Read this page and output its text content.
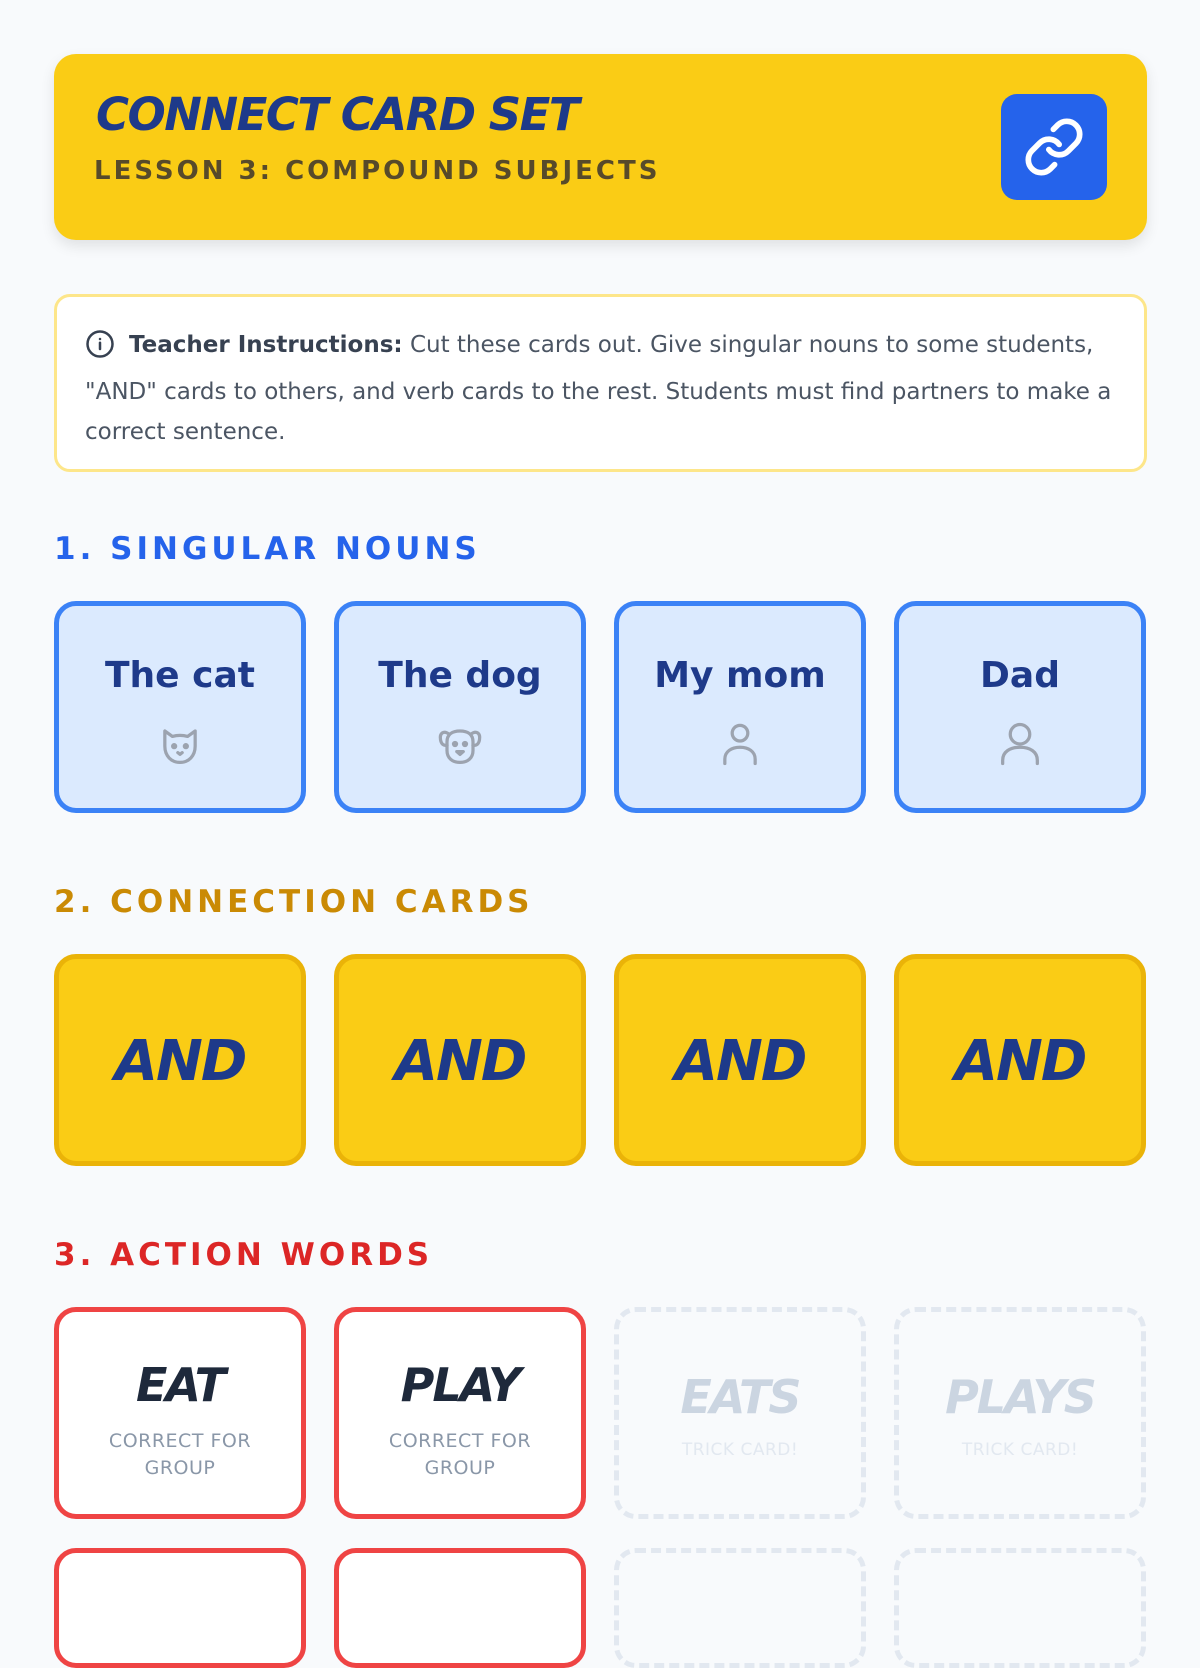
CONNECT CARD SET
LESSON 3: COMPOUND SUBJECTS
Teacher Instructions: Cut these cards out. Give singular nouns to some students, "AND" cards to others, and verb cards to the rest. Students must find partners to make a correct sentence.
1. SINGULAR NOUNS
The cat	The dog	My mom	Dad
2. CONNECTION CARDS
AND	AND	AND	AND
3. ACTION WORDS
EAT
CORRECT FOR GROUP
PLAY
CORRECT FOR GROUP
EATS
TRICK CARD!
PLAYS
TRICK CARD!
